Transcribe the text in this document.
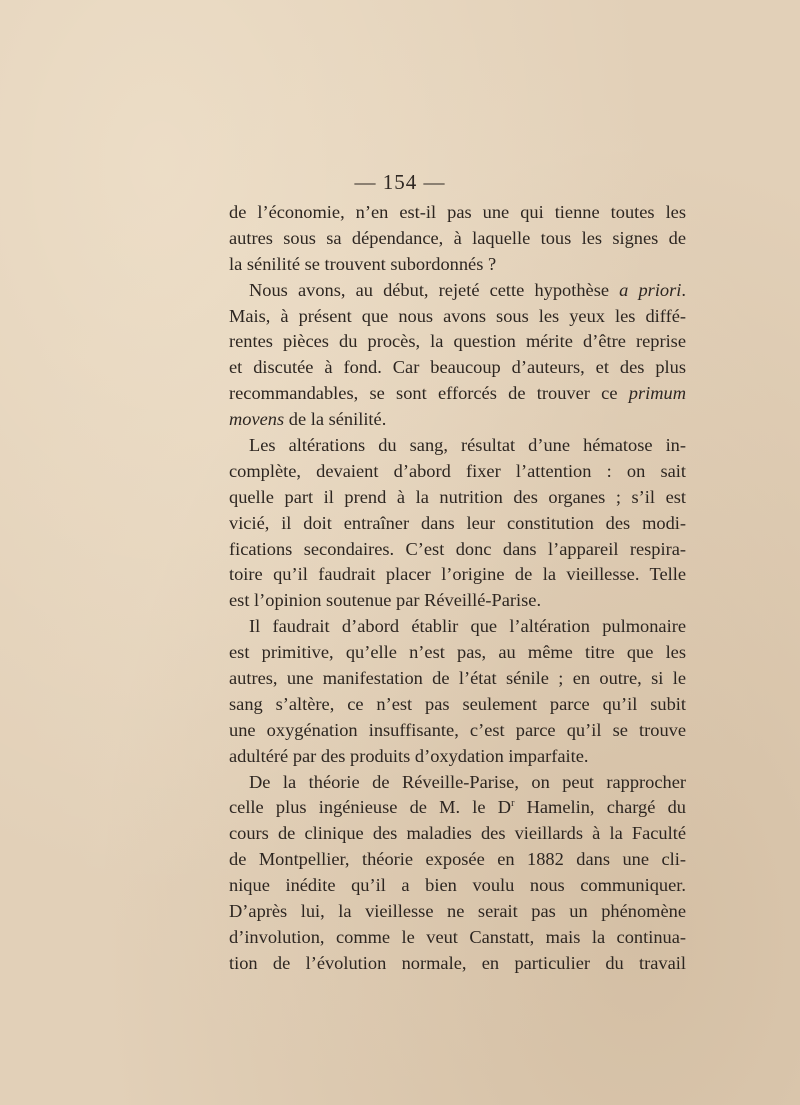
— 154 —
de l’économie, n’en est-il pas une qui tienne toutes les
autres sous sa dépendance, à laquelle tous les signes de
la sénilité se trouvent subordonnés ?
Nous avons, au début, rejeté cette hypothèse a priori.
Mais, à présent que nous avons sous les yeux les diffé-
rentes pièces du procès, la question mérite d’être reprise
et discutée à fond. Car beaucoup d’auteurs, et des plus
recommandables, se sont efforcés de trouver ce primum
movens de la sénilité.
Les altérations du sang, résultat d’une hématose in-
complète, devaient d’abord fixer l’attention : on sait
quelle part il prend à la nutrition des organes ; s’il est
vicié, il doit entraîner dans leur constitution des modi-
fications secondaires. C’est donc dans l’appareil respira-
toire qu’il faudrait placer l’origine de la vieillesse. Telle
est l’opinion soutenue par Réveillé-Parise.
Il faudrait d’abord établir que l’altération pulmonaire
est primitive, qu’elle n’est pas, au même titre que les
autres, une manifestation de l’état sénile ; en outre, si le
sang s’altère, ce n’est pas seulement parce qu’il subit
une oxygénation insuffisante, c’est parce qu’il se trouve
adultéré par des produits d’oxydation imparfaite.
De la théorie de Réveille-Parise, on peut rapprocher
celle plus ingénieuse de M. le $D^r$ Hamelin, chargé du
cours de clinique des maladies des vieillards à la Faculté
de Montpellier, théorie exposée en 1882 dans une cli-
nique inédite qu’il a bien voulu nous communiquer.
D’après lui, la vieillesse ne serait pas un phénomène
d’involution, comme le veut Canstatt, mais la continua-
tion de l’évolution normale, en particulier du travail
